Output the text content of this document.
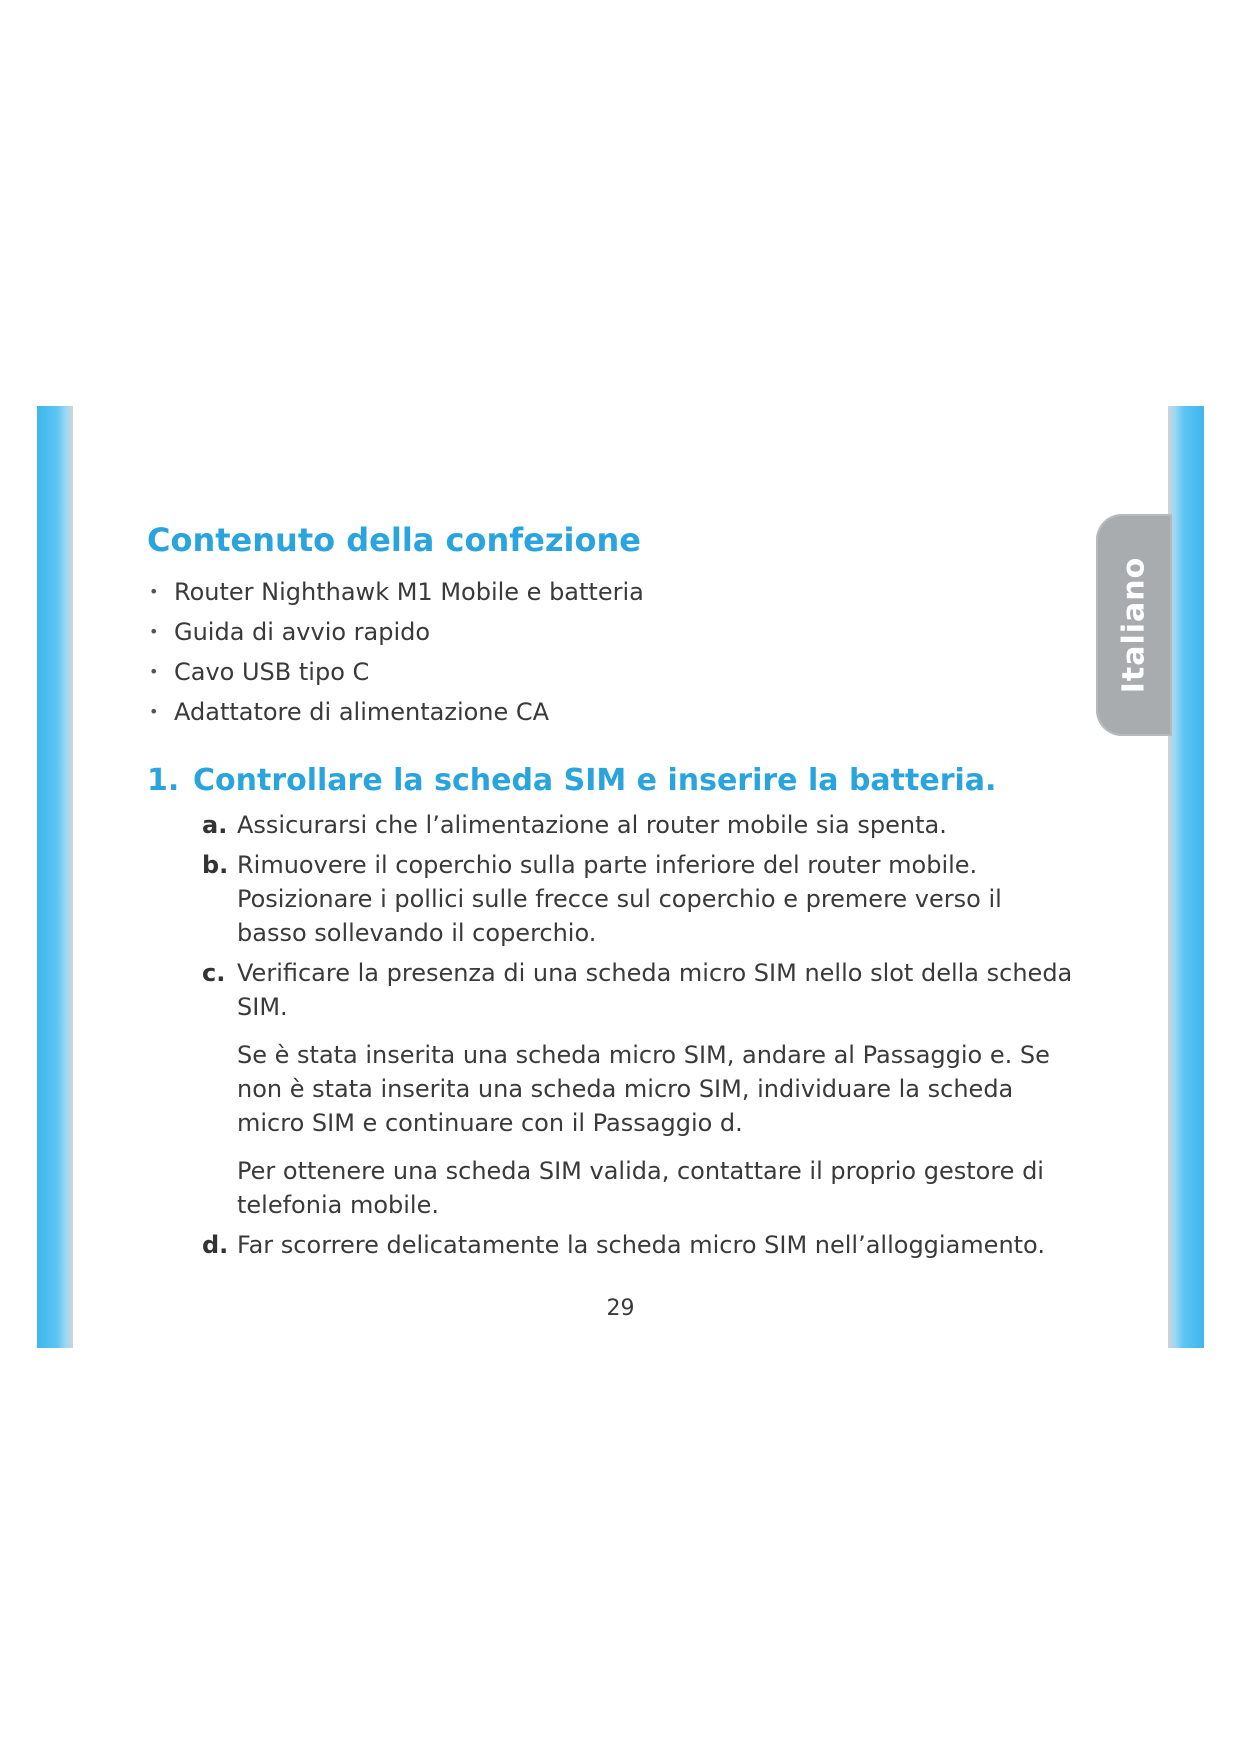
Italiano
Contenuto della confezione
• Router Nighthawk M1 Mobile e batteria
• Guida di avvio rapido
• Cavo USB tipo C
• Adattatore di alimentazione CA
1. Controllare la scheda SIM e inserire la batteria.
a. Assicurarsi che l’alimentazione al router mobile sia spenta.

b. Rimuovere il coperchio sulla parte inferiore del router mobile. Posizionare i pollici sulle frecce sul coperchio e premere verso il basso sollevando il coperchio.

c. Verificare la presenza di una scheda micro SIM nello slot della scheda SIM.

Se è stata inserita una scheda micro SIM, andare al Passaggio e. Se non è stata inserita una scheda micro SIM, individuare la scheda micro SIM e continuare con il Passaggio d.

Per ottenere una scheda SIM valida, contattare il proprio gestore di telefonia mobile.

d. Far scorrere delicatamente la scheda micro SIM nell’alloggiamento.

29
